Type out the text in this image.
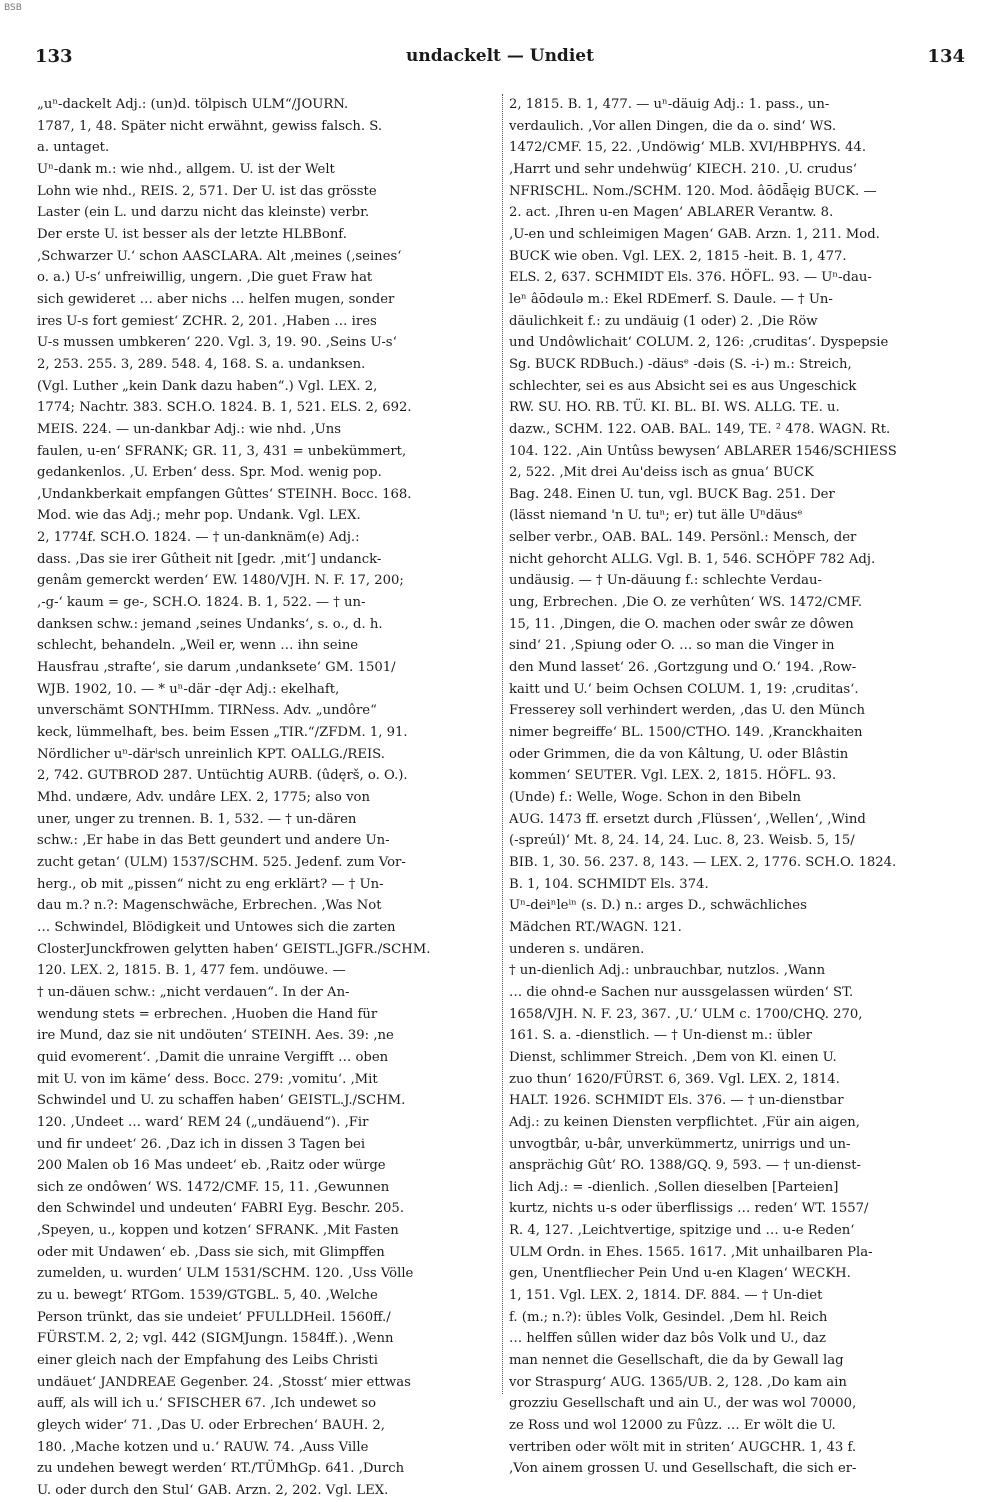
BSB
133	undackelt — Undiet	134
„uⁿ-dackelt Adj.: (un)d. tölpisch ULM“/JOURN.
1787, 1, 48. Später nicht erwähnt, gewiss falsch. S.
a. untaget.
Uⁿ-dank m.: wie nhd., allgem. U. ist der Welt
Lohn wie nhd., REIS. 2, 571. Der U. ist das grösste
Laster (ein L. und darzu nicht das kleinste) verbr.
Der erste U. ist besser als der letzte HLBBonf.
‚Schwarzer U.‘ schon AASCLARA. Alt ‚meines (‚seines‘
o. a.) U-s‘ unfreiwillig, ungern. ‚Die guet Fraw hat
sich gewideret … aber nichs … helfen mugen, sonder
ires U-s fort gemiest‘ ZCHR. 2, 201. ‚Haben … ires
U-s mussen umbkeren‘ 220. Vgl. 3, 19. 90. ‚Seins U-s‘
2, 253. 255. 3, 289. 548. 4, 168. S. a. undanksen.
(Vgl. Luther „kein Dank dazu haben“.) Vgl. LEX. 2,
1774; Nachtr. 383. SCH.O. 1824. B. 1, 521. ELS. 2, 692.
MEIS. 224. — un-dankbar Adj.: wie nhd. ‚Uns
faulen, u-en‘ SFRANK; GR. 11, 3, 431 = unbekümmert,
gedankenlos. ‚U. Erben‘ dess. Spr. Mod. wenig pop.
‚Undankberkait empfangen Gûttes‘ STEINH. Bocc. 168.
Mod. wie das Adj.; mehr pop. Undank. Vgl. LEX.
2, 1774f. SCH.O. 1824. — † un-danknäm(e) Adj.:
dass. ‚Das sie irer Gûtheit nit [gedr. ‚mit‘] undanck-
genâm gemerckt werden‘ EW. 1480/VJH. N. F. 17, 200;
‚-g-‘ kaum = ge-, SCH.O. 1824. B. 1, 522. — † un-
danksen schw.: jemand ‚seines Undanks‘, s. o., d. h.
schlecht, behandeln. „Weil er, wenn … ihn seine
Hausfrau ‚strafte‘, sie darum ‚undanksete‘ GM. 1501/
WJB. 1902, 10. — * uⁿ-där -dęr Adj.: ekelhaft,
unverschämt SONTHImm. TIRNess. Adv. „undôre“
keck, lümmelhaft, bes. beim Essen „TIR.“/ZFDM. 1, 91.
Nördlicher uⁿ-därⁱsch unreinlich KPT. OALLG./REIS.
2, 742. GUTBROD 287. Untüchtig AURB. (ûdęrš, o. O.).
Mhd. undære, Adv. undâre LEX. 2, 1775; also von
uner, unger zu trennen. B. 1, 532. — † un-dären
schw.: ‚Er habe in das Bett geundert und andere Un-
zucht getan‘ (ULM) 1537/SCHM. 525. Jedenf. zum Vor-
herg., ob mit „pissen“ nicht zu eng erklärt? — † Un-
dau m.? n.?: Magenschwäche, Erbrechen. ‚Was Not
… Schwindel, Blödigkeit und Untowes sich die zarten
ClosterJunckfrowen gelytten haben‘ GEISTL.JGFR./SCHM.
120. LEX. 2, 1815. B. 1, 477 fem. undöuwe. —
† un-däuen schw.: „nicht verdauen“. In der An-
wendung stets = erbrechen. ‚Huoben die Hand für
ire Mund, daz sie nit undöuten‘ STEINH. Aes. 39: ‚ne
quid evomerent‘. ‚Damit die unraine Vergifft … oben
mit U. von im käme‘ dess. Bocc. 279: ‚vomitu‘. ‚Mit
Schwindel und U. zu schaffen haben‘ GEISTL.J./SCHM.
120. ‚Undeet … ward‘ REM 24 („undäuend“). ‚Fir
und fir undeet‘ 26. ‚Daz ich in dissen 3 Tagen bei
200 Malen ob 16 Mas undeet‘ eb. ‚Raitz oder würge
sich ze ondôwen‘ WS. 1472/CMF. 15, 11. ‚Gewunnen
den Schwindel und undeuten‘ FABRI Eyg. Beschr. 205.
‚Speyen, u., koppen und kotzen‘ SFRANK. ‚Mit Fasten
oder mit Undawen‘ eb. ‚Dass sie sich, mit Glimpffen
zumelden, u. wurden‘ ULM 1531/SCHM. 120. ‚Uss Völle
zu u. bewegt‘ RTGom. 1539/GTGBL. 5, 40. ‚Welche
Person trünkt, das sie undeiet‘ PFULLDHeil. 1560ff./
FÜRST.M. 2, 2; vgl. 442 (SIGMJungn. 1584ff.). ‚Wenn
einer gleich nach der Empfahung des Leibs Christi
undäuet‘ JANDREAE Gegenber. 24. ‚Stosst‘ mier ettwas
auff, als will ich u.‘ SFISCHER 67. ‚Ich undewet so
gleych wider‘ 71. ‚Das U. oder Erbrechen‘ BAUH. 2,
180. ‚Mache kotzen und u.‘ RAUW. 74. ‚Auss Ville
zu undehen bewegt werden‘ RT./TÜMhGp. 641. ‚Durch
U. oder durch den Stul‘ GAB. Arzn. 2, 202. Vgl. LEX.
2, 1815. B. 1, 477. — uⁿ-däuig Adj.: 1. pass., un-
verdaulich. ‚Vor allen Dingen, die da o. sind‘ WS.
1472/CMF. 15, 22. ‚Undöwig‘ MLB. XVI/HBPHYS. 44.
‚Harrt und sehr undehwüg‘ KIECH. 210. ‚U. crudus‘
NFRISCHL. Nom./SCHM. 120. Mod. âōdǟęig BUCK. —
2. act. ‚Ihren u-en Magen‘ ABLARER Verantw. 8.
‚U-en und schleimigen Magen‘ GAB. Arzn. 1, 211. Mod.
BUCK wie oben. Vgl. LEX. 2, 1815 -heit. B. 1, 477.
ELS. 2, 637. SCHMIDT Els. 376. HÖFL. 93. — Uⁿ-dau-
leⁿ âōdəulə m.: Ekel RDEmerf. S. Daule. — † Un-
däulichkeit f.: zu undäuig (1 oder) 2. ‚Die Röw
und Undôwlichait‘ COLUM. 2, 126: ‚cruditas‘. Dyspepsie
Sg. BUCK RDBuch.) -däusᵉ -dəis (S. -i-) m.: Streich,
schlechter, sei es aus Absicht sei es aus Ungeschick
RW. SU. HO. RB. TÜ. KI. BL. BI. WS. ALLG. TE. u.
dazw., SCHM. 122. OAB. BAL. 149, TE. ² 478. WAGN. Rt.
104. 122. ‚Ain Untûss bewysen‘ ABLARER 1546/SCHIESS
2, 522. ‚Mit drei Au'deiss isch as gnua‘ BUCK
Bag. 248. Einen U. tun, vgl. BUCK Bag. 251. Der
(lässt niemand 'n U. tuⁿ; er) tut älle Uⁿdäusᵉ
selber verbr., OAB. BAL. 149. Persönl.: Mensch, der
nicht gehorcht ALLG. Vgl. B. 1, 546. SCHÖPF 782 Adj.
undäusig. — † Un-däuung f.: schlechte Verdau-
ung, Erbrechen. ‚Die O. ze verhûten‘ WS. 1472/CMF.
15, 11. ‚Dingen, die O. machen oder swâr ze dôwen
sind‘ 21. ‚Spiung oder O. … so man die Vinger in
den Mund lasset‘ 26. ‚Gortzgung und O.‘ 194. ‚Row-
kaitt und U.‘ beim Ochsen COLUM. 1, 19: ‚cruditas‘.
Fresserey soll verhindert werden, ‚das U. den Münch
nimer begreiffe‘ BL. 1500/CTHO. 149. ‚Kranckhaiten
oder Grimmen, die da von Kâltung, U. oder Blâstin
kommen‘ SEUTER. Vgl. LEX. 2, 1815. HÖFL. 93.
(Unde) f.: Welle, Woge. Schon in den Bibeln
AUG. 1473 ff. ersetzt durch ‚Flüssen‘, ‚Wellen‘, ‚Wind
(-spreúl)‘ Mt. 8, 24. 14, 24. Luc. 8, 23. Weisb. 5, 15/
BIB. 1, 30. 56. 237. 8, 143. — LEX. 2, 1776. SCH.O. 1824.
B. 1, 104. SCHMIDT Els. 374.
Uⁿ-deiⁿleⁱⁿ (s. D.) n.: arges D., schwächliches
Mädchen RT./WAGN. 121.
underen s. undären.
† un-dienlich Adj.: unbrauchbar, nutzlos. ‚Wann
… die ohnd-e Sachen nur aussgelassen würden‘ ST.
1658/VJH. N. F. 23, 367. ‚U.‘ ULM c. 1700/CHQ. 270,
161. S. a. -dienstlich. — † Un-dienst m.: übler
Dienst, schlimmer Streich. ‚Dem von Kl. einen U.
zuo thun‘ 1620/FÜRST. 6, 369. Vgl. LEX. 2, 1814.
HALT. 1926. SCHMIDT Els. 376. — † un-dienstbar
Adj.: zu keinen Diensten verpflichtet. ‚Für ain aigen,
unvogtbâr, u-bâr, unverkümmertz, unirrigs und un-
ansprächig Gût‘ RO. 1388/GQ. 9, 593. — † un-dienst-
lich Adj.: = -dienlich. ‚Sollen dieselben [Parteien]
kurtz, nichts u-s oder überflissigs … reden‘ WT. 1557/
R. 4, 127. ‚Leichtvertige, spitzige und … u-e Reden‘
ULM Ordn. in Ehes. 1565. 1617. ‚Mit unhailbaren Pla-
gen, Unentfliecher Pein Und u-en Klagen‘ WECKH.
1, 151. Vgl. LEX. 2, 1814. DF. 884. — † Un-diet
f. (m.; n.?): übles Volk, Gesindel. ‚Dem hl. Reich
… helffen sûllen wider daz bôs Volk und U., daz
man nennet die Gesellschaft, die da by Gewall lag
vor Straspurg‘ AUG. 1365/UB. 2, 128. ‚Do kam ain
grozziu Gesellschaft und ain U., der was wol 70000‚
ze Ross und wol 12000 zu Fûzz. … Er wölt die U.
vertriben oder wölt mit in striten‘ AUGCHR. 1, 43 f.
‚Von ainem grossen U. und Gesellschaft, die sich er-
